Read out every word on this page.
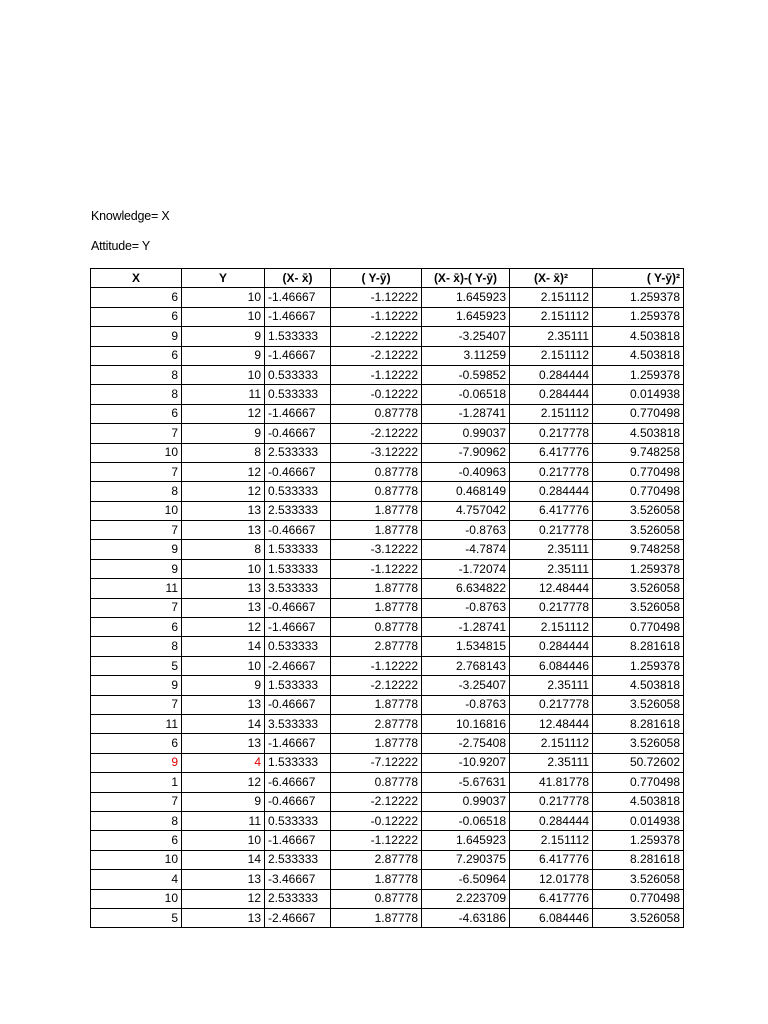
Knowledge= X
Attitude= Y
X	Y	(X- x̄)	( Y-ȳ)	(X- x̄)-( Y-ȳ)	(X- x̄)²	( Y-ȳ)²
6	10	-1.46667	-1.12222	1.645923	2.151112	1.259378
6	10	-1.46667	-1.12222	1.645923	2.151112	1.259378
9	9	1.533333	-2.12222	-3.25407	2.35111	4.503818
6	9	-1.46667	-2.12222	3.11259	2.151112	4.503818
8	10	0.533333	-1.12222	-0.59852	0.284444	1.259378
8	11	0.533333	-0.12222	-0.06518	0.284444	0.014938
6	12	-1.46667	0.87778	-1.28741	2.151112	0.770498
7	9	-0.46667	-2.12222	0.99037	0.217778	4.503818
10	8	2.533333	-3.12222	-7.90962	6.417776	9.748258
7	12	-0.46667	0.87778	-0.40963	0.217778	0.770498
8	12	0.533333	0.87778	0.468149	0.284444	0.770498
10	13	2.533333	1.87778	4.757042	6.417776	3.526058
7	13	-0.46667	1.87778	-0.8763	0.217778	3.526058
9	8	1.533333	-3.12222	-4.7874	2.35111	9.748258
9	10	1.533333	-1.12222	-1.72074	2.35111	1.259378
11	13	3.533333	1.87778	6.634822	12.48444	3.526058
7	13	-0.46667	1.87778	-0.8763	0.217778	3.526058
6	12	-1.46667	0.87778	-1.28741	2.151112	0.770498
8	14	0.533333	2.87778	1.534815	0.284444	8.281618
5	10	-2.46667	-1.12222	2.768143	6.084446	1.259378
9	9	1.533333	-2.12222	-3.25407	2.35111	4.503818
7	13	-0.46667	1.87778	-0.8763	0.217778	3.526058
11	14	3.533333	2.87778	10.16816	12.48444	8.281618
6	13	-1.46667	1.87778	-2.75408	2.151112	3.526058
9	4	1.533333	-7.12222	-10.9207	2.35111	50.72602
1	12	-6.46667	0.87778	-5.67631	41.81778	0.770498
7	9	-0.46667	-2.12222	0.99037	0.217778	4.503818
8	11	0.533333	-0.12222	-0.06518	0.284444	0.014938
6	10	-1.46667	-1.12222	1.645923	2.151112	1.259378
10	14	2.533333	2.87778	7.290375	6.417776	8.281618
4	13	-3.46667	1.87778	-6.50964	12.01778	3.526058
10	12	2.533333	0.87778	2.223709	6.417776	0.770498
5	13	-2.46667	1.87778	-4.63186	6.084446	3.526058
